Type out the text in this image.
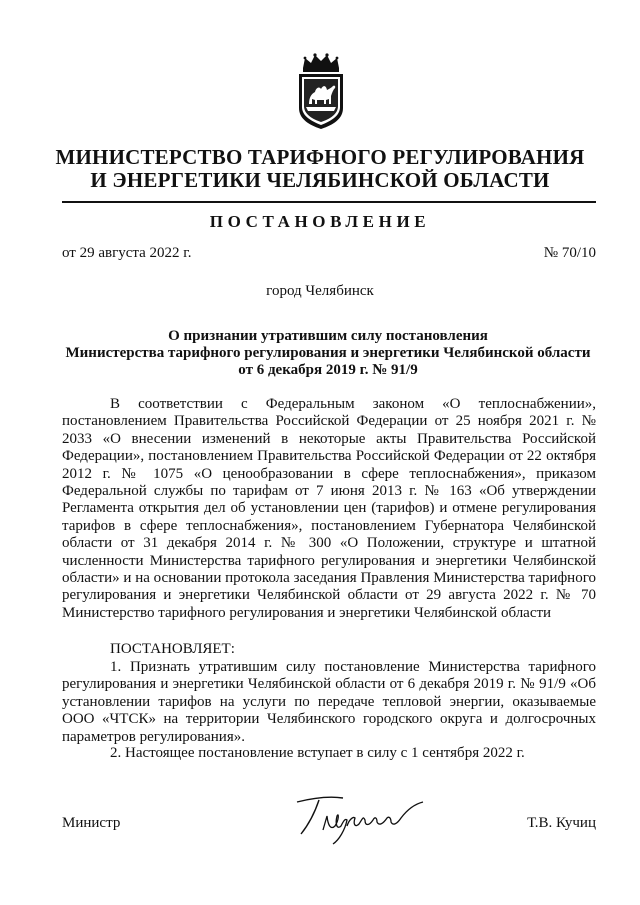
МИНИСТЕРСТВО ТАРИФНОГО РЕГУЛИРОВАНИЯ
И ЭНЕРГЕТИКИ ЧЕЛЯБИНСКОЙ ОБЛАСТИ
ПОСТАНОВЛЕНИЕ
от 29 августа 2022 г.	№ 70/10
город Челябинск
О признании утратившим силу постановления
Министерства тарифного регулирования и энергетики Челябинской области
от 6 декабря 2019 г. № 91/9

В соответствии с Федеральным законом «О теплоснабжении», постановлением Правительства Российской Федерации от 25 ноября 2021 г. № 2033 «О внесении изменений в некоторые акты Правительства Российской Федерации», постановлением Правительства Российской Федерации от 22 октября 2012 г. № 1075 «О ценообразовании в сфере теплоснабжения», приказом Федеральной службы по тарифам от 7 июня 2013 г. № 163 «Об утверждении Регламента открытия дел об установлении цен (тарифов) и отмене регулирования тарифов в сфере теплоснабжения», постановлением Губернатора Челябинской области от 31 декабря 2014 г. № 300 «О Положении, структуре и штатной численности Министерства тарифного регулирования и энергетики Челябинской области» и на основании протокола заседания Правления Министерства тарифного регулирования и энергетики Челябинской области от 29 августа 2022 г. № 70 Министерство тарифного регулирования и энергетики Челябинской области

ПОСТАНОВЛЯЕТ:

1. Признать утратившим силу постановление Министерства тарифного регулирования и энергетики Челябинской области от 6 декабря 2019 г. № 91/9 «Об установлении тарифов на услуги по передаче тепловой энергии, оказываемые ООО «ЧТСК» на территории Челябинского городского округа и долгосрочных параметров регулирования».

2. Настоящее постановление вступает в силу с 1 сентября 2022 г.

Министр	Т.В. Кучиц
